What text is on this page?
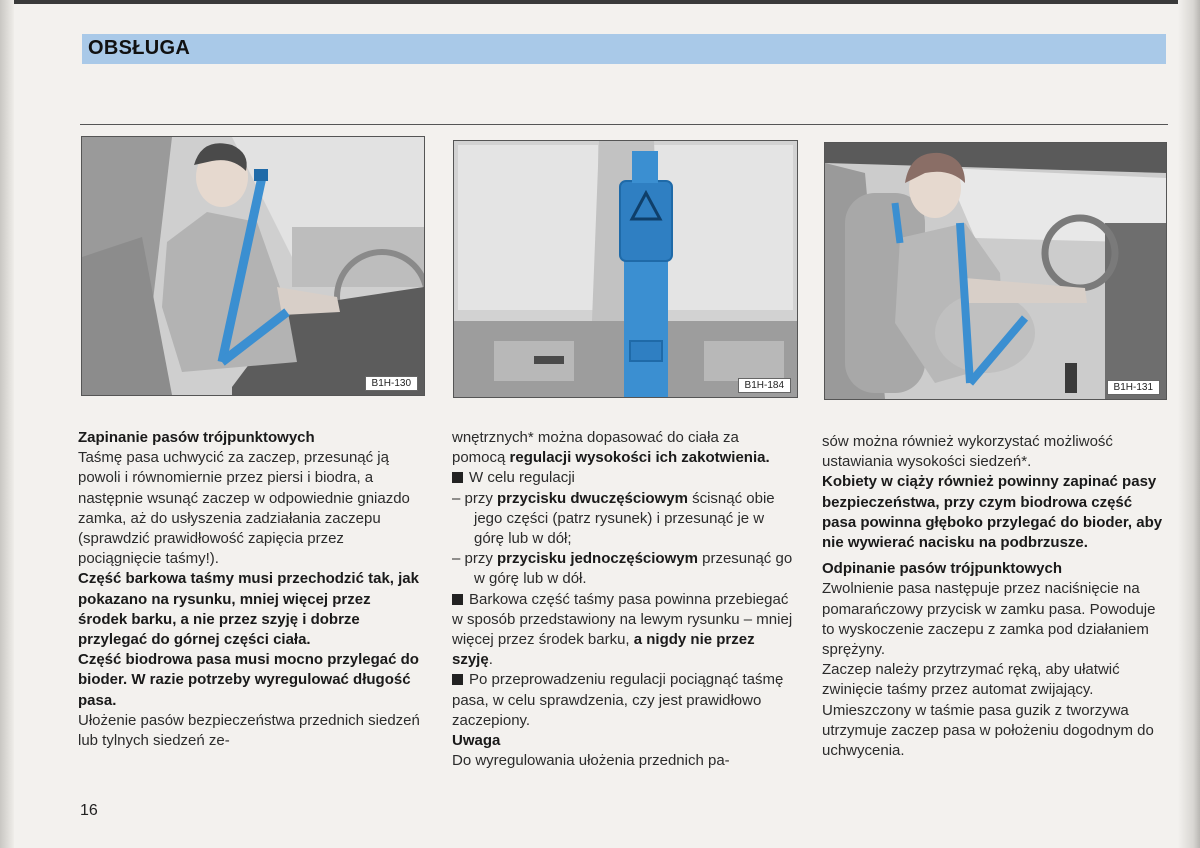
OBSŁUGA
B1H-130	B1H-184	B1H-131

Zapinanie pasów trójpunktowych

Taśmę pasa uchwycić za zaczep, przesunąć ją powoli i równomiernie przez piersi i biodra, a następnie wsunąć zaczep w odpowiednie gniazdo zamka, aż do usłyszenia zadziałania zaczepu (sprawdzić prawidłowość zapięcia przez pociągnięcie taśmy!).

Część barkowa taśmy musi przechodzić tak, jak pokazano na rysunku, mniej więcej przez środek barku, a nie przez szyję i dobrze przylegać do górnej części ciała.

Część biodrowa pasa musi mocno przylegać do bioder. W razie potrzeby wyregulować długość pasa.

Ułożenie pasów bezpieczeństwa przednich siedzeń lub tylnych siedzeń ze-

wnętrznych* można dopasować do ciała za pomocą regulacji wysokości ich zakotwienia.

W celu regulacji

– przy przycisku dwuczęściowym ścisnąć obie jego części (patrz rysunek) i przesunąć je w górę lub w dół;

– przy przycisku jednoczęściowym przesunąć go w górę lub w dół.

Barkowa część taśmy pasa powinna przebiegać w sposób przedstawiony na lewym rysunku – mniej więcej przez środek barku, a nigdy nie przez szyję.

Po przeprowadzeniu regulacji pociągnąć taśmę pasa, w celu sprawdzenia, czy jest prawidłowo zaczepiony.

Uwaga

Do wyregulowania ułożenia przednich pa-

sów można również wykorzystać możliwość ustawiania wysokości siedzeń*.

Kobiety w ciąży również powinny zapinać pasy bezpieczeństwa, przy czym biodrowa część pasa powinna głęboko przylegać do bioder, aby nie wywierać nacisku na podbrzusze.

Odpinanie pasów trójpunktowych

Zwolnienie pasa następuje przez naciśnięcie na pomarańczowy przycisk w zamku pasa. Powoduje to wyskoczenie zaczepu z zamka pod działaniem sprężyny.

Zaczep należy przytrzymać ręką, aby ułatwić zwinięcie taśmy przez automat zwijający. Umieszczony w taśmie pasa guzik z tworzywa utrzymuje zaczep pasa w położeniu dogodnym do uchwycenia.

16
